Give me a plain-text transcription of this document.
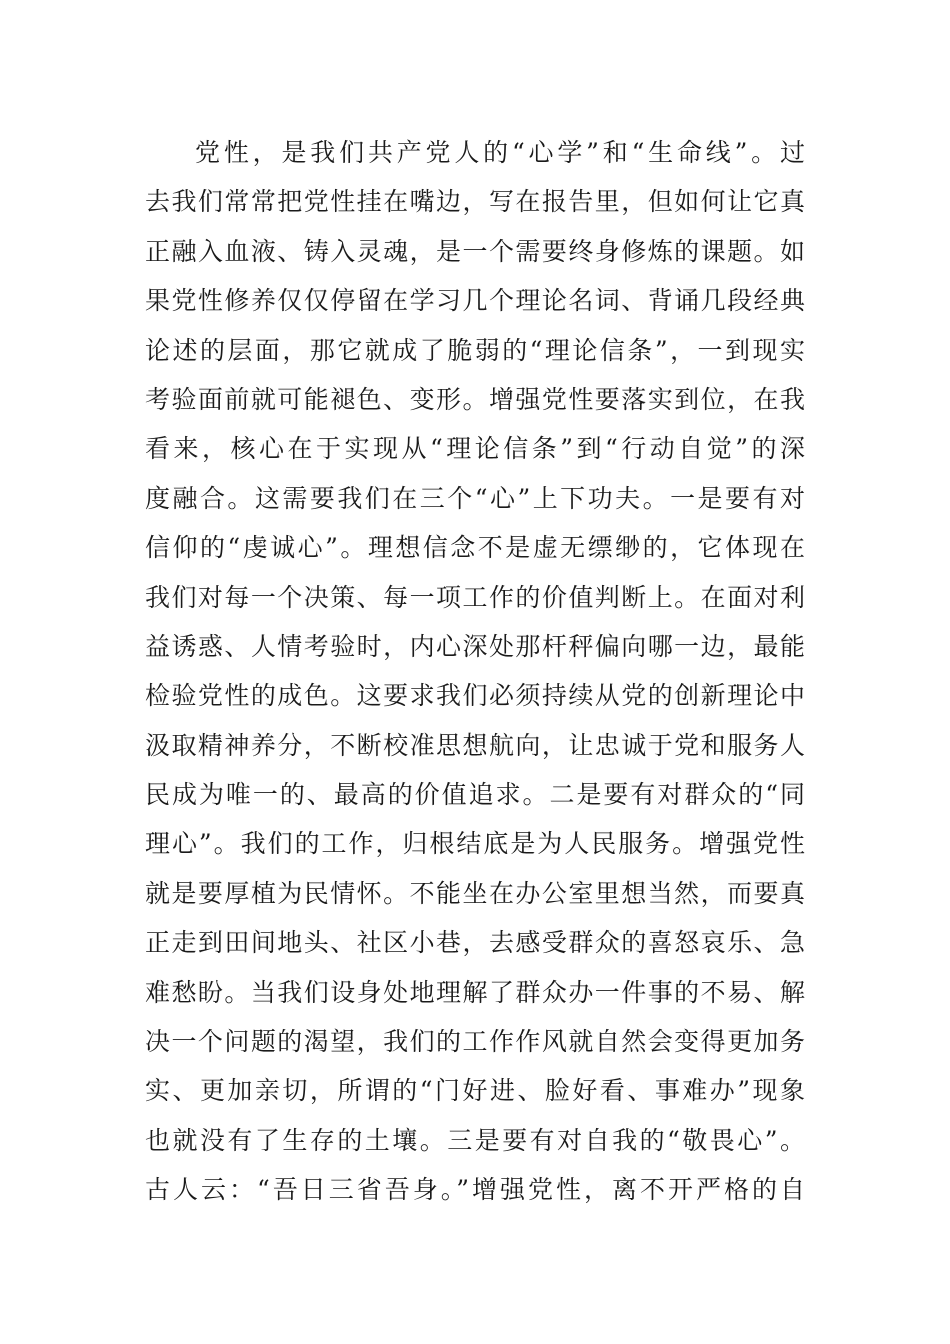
党性，是我们共产党人的“心学”和“生命线”。过
去我们常常把党性挂在嘴边，写在报告里，但如何让它真
正融入血液、铸入灵魂，是一个需要终身修炼的课题。如
果党性修养仅仅停留在学习几个理论名词、背诵几段经典
论述的层面，那它就成了脆弱的“理论信条”，一到现实
考验面前就可能褪色、变形。增强党性要落实到位，在我
看来，核心在于实现从“理论信条”到“行动自觉”的深
度融合。这需要我们在三个“心”上下功夫。一是要有对
信仰的“虔诚心”。理想信念不是虚无缥缈的，它体现在
我们对每一个决策、每一项工作的价值判断上。在面对利
益诱惑、人情考验时，内心深处那杆秤偏向哪一边，最能
检验党性的成色。这要求我们必须持续从党的创新理论中
汲取精神养分，不断校准思想航向，让忠诚于党和服务人
民成为唯一的、最高的价值追求。二是要有对群众的“同
理心”。我们的工作，归根结底是为人民服务。增强党性
就是要厚植为民情怀。不能坐在办公室里想当然，而要真
正走到田间地头、社区小巷，去感受群众的喜怒哀乐、急
难愁盼。当我们设身处地理解了群众办一件事的不易、解
决一个问题的渴望，我们的工作作风就自然会变得更加务
实、更加亲切，所谓的“门好进、脸好看、事难办”现象
也就没有了生存的土壤。三是要有对自我的“敬畏心”。
古人云：“吾日三省吾身。”增强党性，离不开严格的自
